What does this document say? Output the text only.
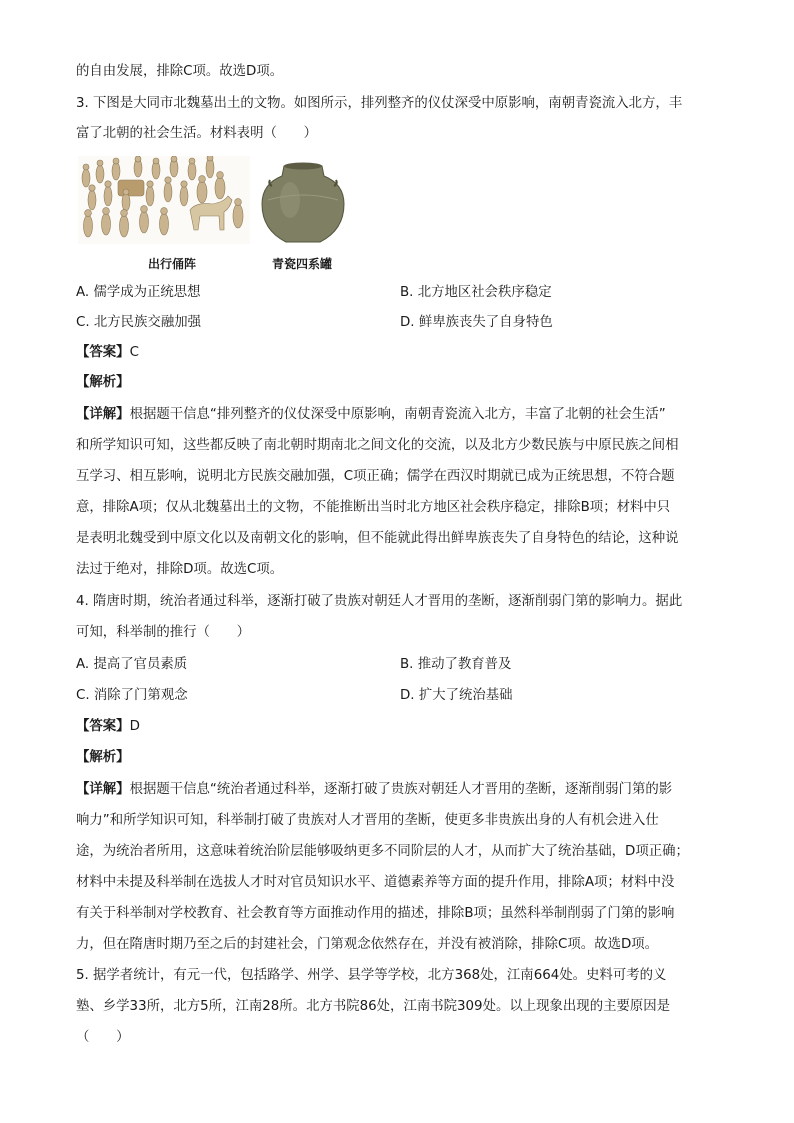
的自由发展，排除C项。故选D项。
3. 下图是大同市北魏墓出土的文物。如图所示，排列整齐的仪仗深受中原影响，南朝青瓷流入北方，丰
富了北朝的社会生活。材料表明（　　）
出行俑阵	青瓷四系罐
A. 儒学成为正统思想	B. 北方地区社会秩序稳定
C. 北方民族交融加强	D. 鲜卑族丧失了自身特色
【答案】C
【解析】
【详解】根据题干信息“排列整齐的仪仗深受中原影响，南朝青瓷流入北方，丰富了北朝的社会生活”
和所学知识可知，这些都反映了南北朝时期南北之间文化的交流，以及北方少数民族与中原民族之间相
互学习、相互影响，说明北方民族交融加强，C项正确；儒学在西汉时期就已成为正统思想，不符合题
意，排除A项；仅从北魏墓出土的文物，不能推断出当时北方地区社会秩序稳定，排除B项；材料中只
是表明北魏受到中原文化以及南朝文化的影响，但不能就此得出鲜卑族丧失了自身特色的结论，这种说
法过于绝对，排除D项。故选C项。
4. 隋唐时期，统治者通过科举，逐渐打破了贵族对朝廷人才晋用的垄断，逐渐削弱门第的影响力。据此
可知，科举制的推行（　　）
A. 提高了官员素质	B. 推动了教育普及
C. 消除了门第观念	D. 扩大了统治基础
【答案】D
【解析】
【详解】根据题干信息“统治者通过科举，逐渐打破了贵族对朝廷人才晋用的垄断，逐渐削弱门第的影
响力”和所学知识可知，科举制打破了贵族对人才晋用的垄断，使更多非贵族出身的人有机会进入仕
途，为统治者所用，这意味着统治阶层能够吸纳更多不同阶层的人才，从而扩大了统治基础，D项正确；
材料中未提及科举制在选拔人才时对官员知识水平、道德素养等方面的提升作用，排除A项；材料中没
有关于科举制对学校教育、社会教育等方面推动作用的描述，排除B项；虽然科举制削弱了门第的影响
力，但在隋唐时期乃至之后的封建社会，门第观念依然存在，并没有被消除，排除C项。故选D项。
5. 据学者统计，有元一代，包括路学、州学、县学等学校，北方368处，江南664处。史料可考的义
塾、乡学33所，北方5所，江南28所。北方书院86处，江南书院309处。以上现象出现的主要原因是
（　　）
